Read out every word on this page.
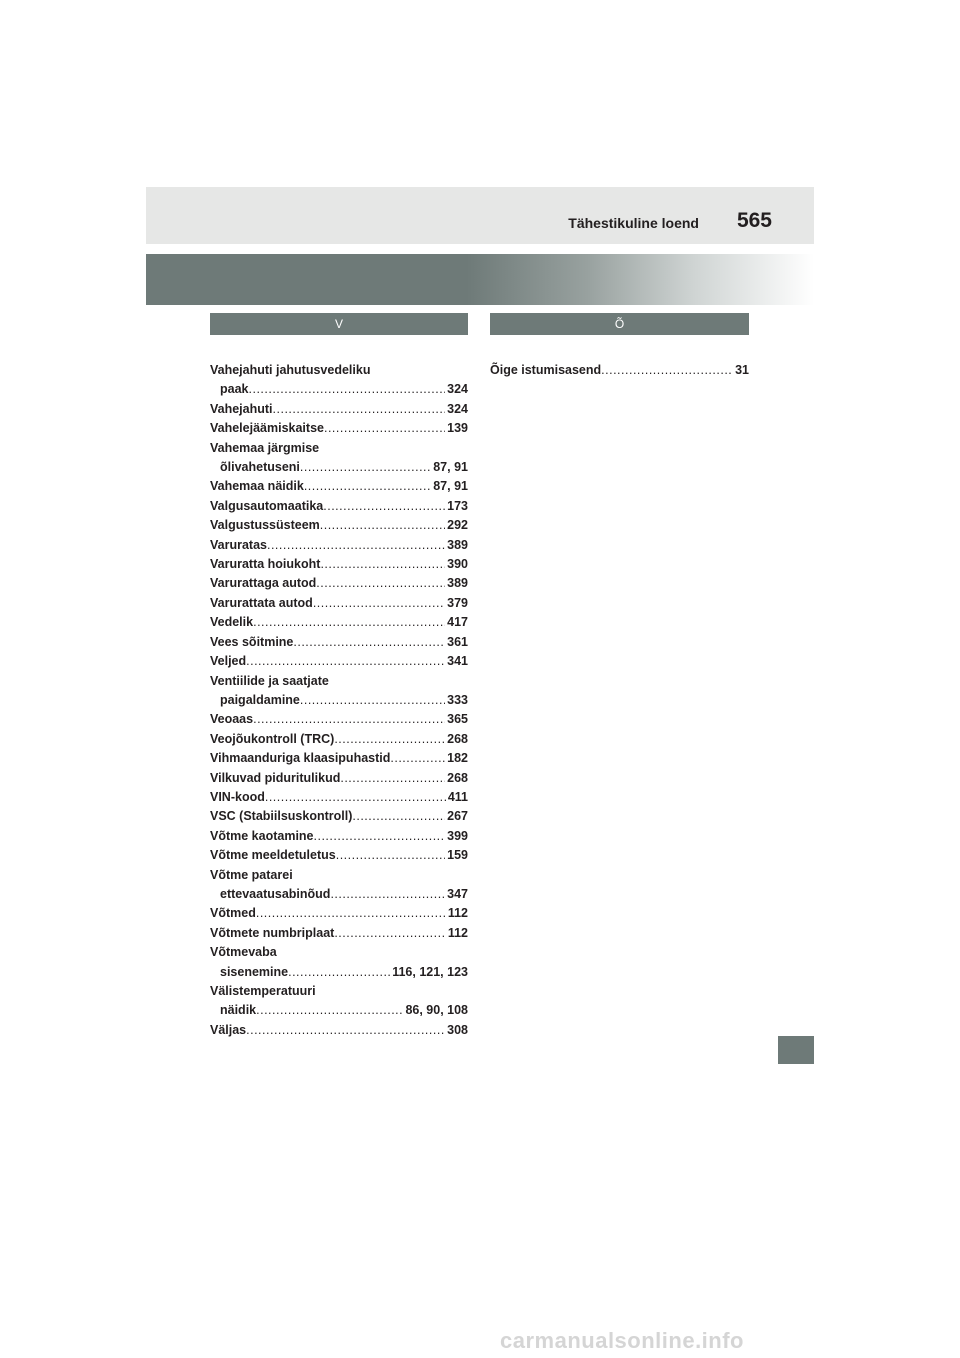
Tähestikuline loend 565
V
Vahejahuti jahutusvedeliku
paak .....	324
Vahejahuti .....	324
Vahelejäämiskaitse .....	139
Vahemaa järgmise
õlivahetuseni .....	87, 91
Vahemaa näidik .....	87, 91
Valgusautomaatika .....	173
Valgustussüsteem .....	292
Varuratas .....	389
Varuratta hoiukoht .....	390
Varurattaga autod .....	389
Varurattata autod .....	379
Vedelik .....	417
Vees sõitmine .....	361
Veljed .....	341
Ventiilide ja saatjate
paigaldamine .....	333
Veoaas .....	365
Veojõukontroll (TRC) .....	268
Vihmaanduriga klaasipuhastid .....	182
Vilkuvad piduritulikud .....	268
VIN-kood .....	411
VSC (Stabiilsuskontroll) .....	267
Võtme kaotamine .....	399
Võtme meeldetuletus .....	159
Võtme patarei
ettevaatusabinõud .....	347
Võtmed .....	112
Võtmete numbriplaat .....	112
Võtmevaba
sisenemine .....	116, 121, 123
Välistemperatuuri
näidik .....	86, 90, 108
Väljas .....	308
Õ
Õige istumisasend .....	31
carmanualsonline.info
